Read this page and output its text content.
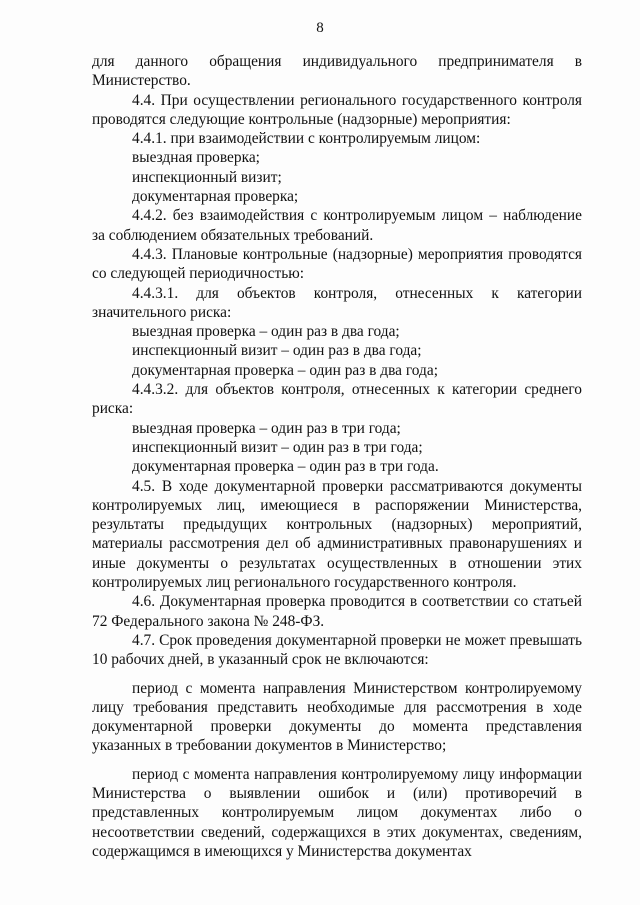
8

для данного обращения индивидуального предпринимателя в Министерство.

4.4. При осуществлении регионального государственного контроля проводятся следующие контрольные (надзорные) мероприятия:

4.4.1. при взаимодействии с контролируемым лицом:

выездная проверка;

инспекционный визит;

документарная проверка;

4.4.2. без взаимодействия с контролируемым лицом – наблюдение за соблюдением обязательных требований.

4.4.3. Плановые контрольные (надзорные) мероприятия проводятся со следующей периодичностью:

4.4.3.1. для объектов контроля, отнесенных к категории значительного риска:

выездная проверка – один раз в два года;

инспекционный визит – один раз в два года;

документарная проверка – один раз в два года;

4.4.3.2. для объектов контроля, отнесенных к категории среднего риска:

выездная проверка – один раз в три года;

инспекционный визит – один раз в три года;

документарная проверка – один раз в три года.

4.5. В ходе документарной проверки рассматриваются документы контролируемых лиц, имеющиеся в распоряжении Министерства, результаты предыдущих контрольных (надзорных) мероприятий, материалы рассмотрения дел об административных правонарушениях и иные документы о результатах осуществленных в отношении этих контролируемых лиц регионального государственного контроля.

4.6. Документарная проверка проводится в соответствии со статьей 72 Федерального закона № 248-ФЗ.

4.7. Срок проведения документарной проверки не может превышать 10 рабочих дней, в указанный срок не включаются:

период с момента направления Министерством контролируемому лицу требования представить необходимые для рассмотрения в ходе документарной проверки документы до момента представления указанных в требовании документов в Министерство;

период с момента направления контролируемому лицу информации Министерства о выявлении ошибок и (или) противоречий в представленных контролируемым лицом документах либо о несоответствии сведений, содержащихся в этих документах, сведениям, содержащимся в имеющихся у Министерства документах
